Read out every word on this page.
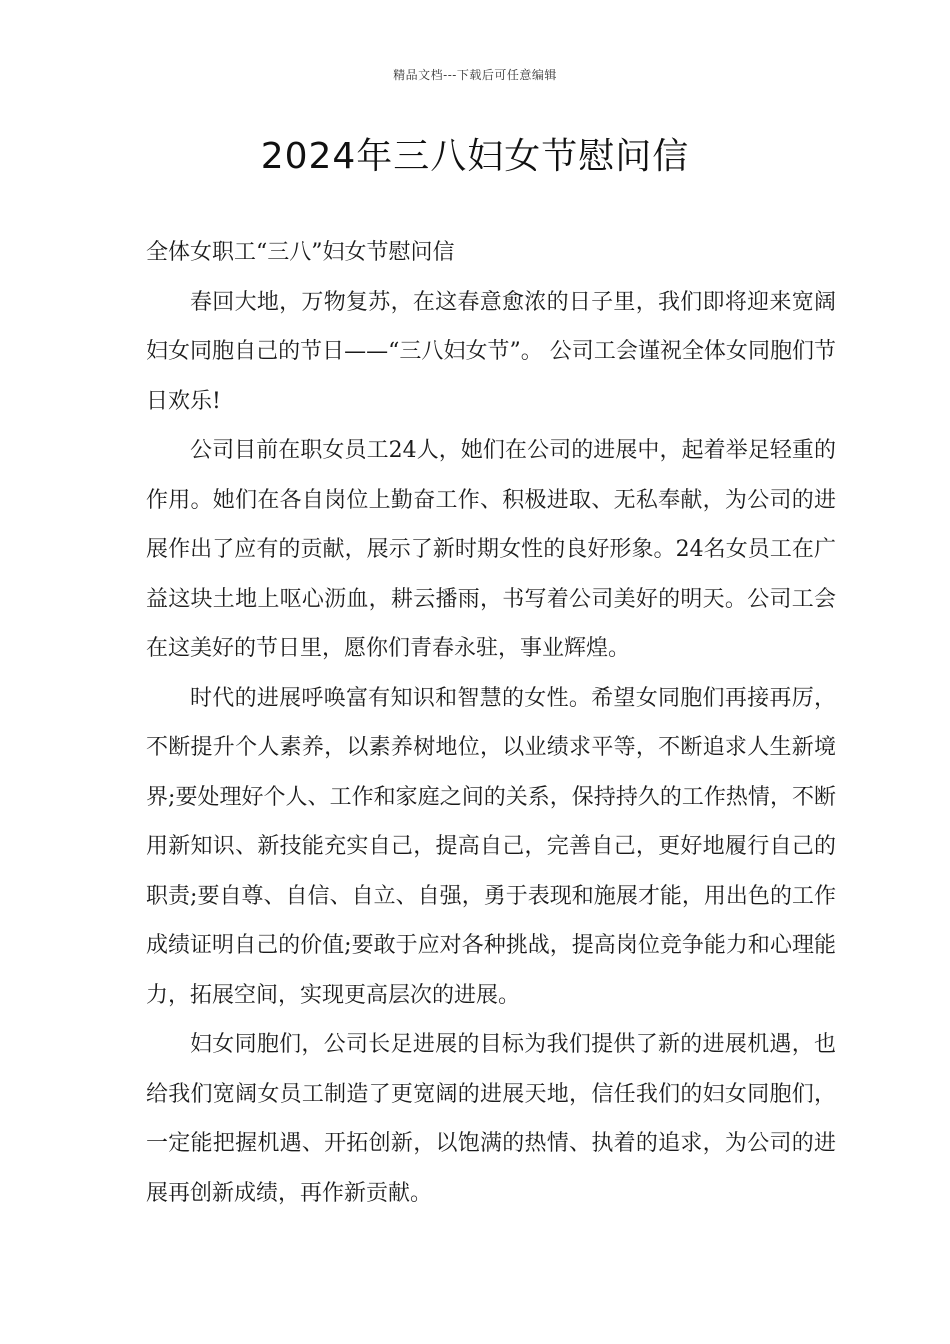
精品文档---下载后可任意编辑
2024年三八妇女节慰问信

全体女职工“三八”妇女节慰问信

春回大地，万物复苏，在这春意愈浓的日子里，我们即将迎来宽阔妇女同胞自己的节日——“三八妇女节”。 公司工会谨祝全体女同胞们节日欢乐!

公司目前在职女员工24人，她们在公司的进展中，起着举足轻重的作用。她们在各自岗位上勤奋工作、积极进取、无私奉献，为公司的进展作出了应有的贡献，展示了新时期女性的良好形象。24名女员工在广益这块土地上呕心沥血，耕云播雨，书写着公司美好的明天。公司工会在这美好的节日里，愿你们青春永驻，事业辉煌。

时代的进展呼唤富有知识和智慧的女性。希望女同胞们再接再厉，不断提升个人素养，以素养树地位，以业绩求平等，不断追求人生新境界;要处理好个人、工作和家庭之间的关系，保持持久的工作热情，不断用新知识、新技能充实自己，提高自己，完善自己，更好地履行自己的职责;要自尊、自信、自立、自强，勇于表现和施展才能，用出色的工作成绩证明自己的价值;要敢于应对各种挑战，提高岗位竞争能力和心理能力，拓展空间，实现更高层次的进展。

妇女同胞们，公司长足进展的目标为我们提供了新的进展机遇，也给我们宽阔女员工制造了更宽阔的进展天地，信任我们的妇女同胞们，一定能把握机遇、开拓创新，以饱满的热情、执着的追求，为公司的进展再创新成绩，再作新贡献。
